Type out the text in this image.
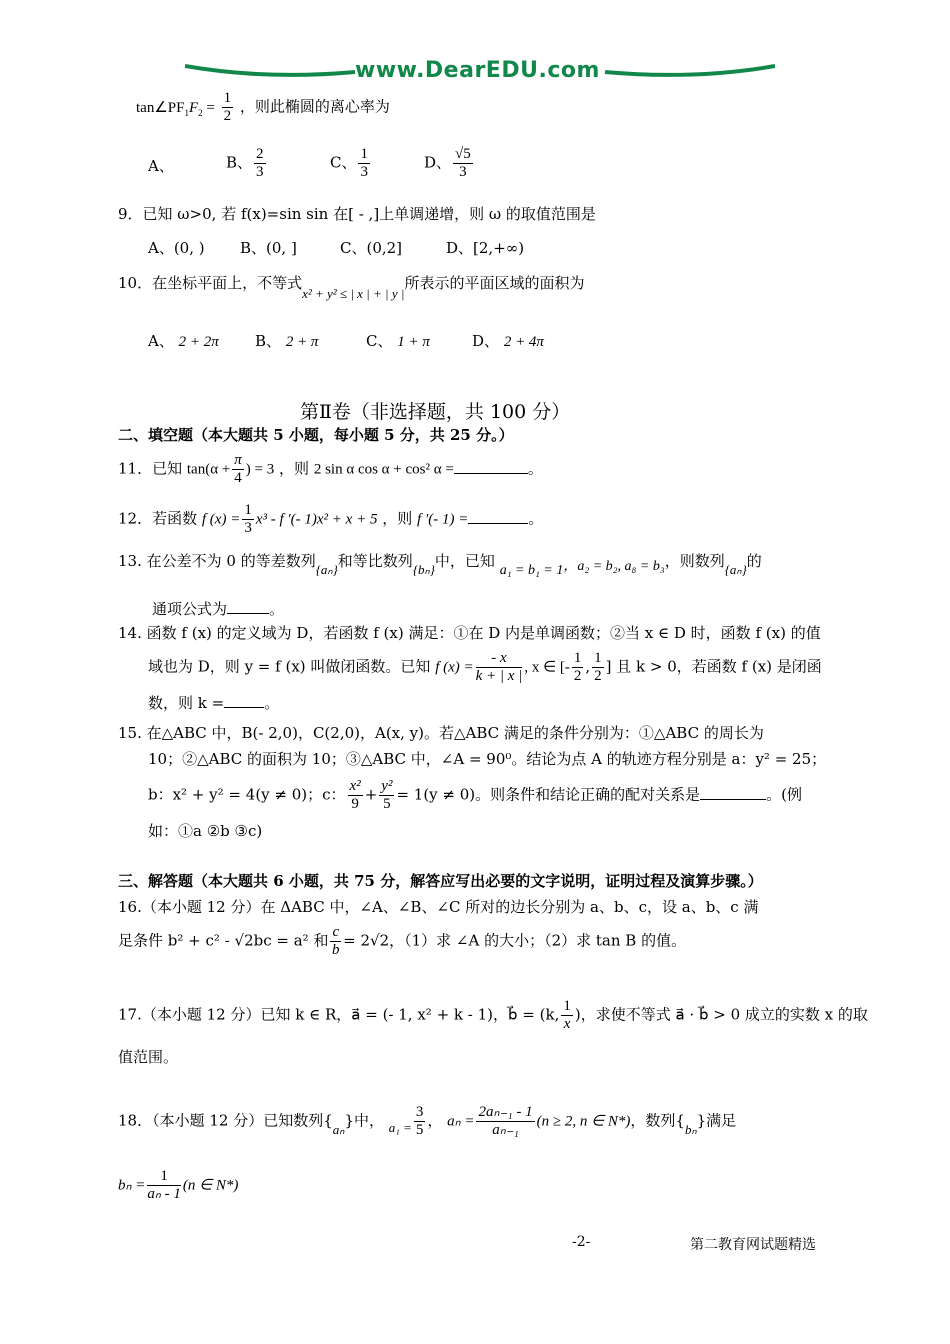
www.DearEDU.com
$\tan\angle PF_1F_2 = \frac{1}{2}$ ，则此椭圆的离心率为
A、	B、 $\frac{2}{3}$	C、 $\frac{1}{3}$	D、 $\frac{√5}{3}$
9．已知 ω>0, 若 f(x)=sin sin 在[ - ,]上单调递增，则 ω 的取值范围是
A、(0, ) B、(0, ]	C、(0,2]	D、[2,+∞)
10．在坐标平面上，不等式x² + y² ≤ | x | + | y |所表示的平面区域的面积为
A、 2 + 2π B、 2 + π	C、 1 + π	D、 2 + 4π
第Ⅱ卷（非选择题，共 100 分）
二、填空题（本大题共 5 小题，每小题 5 分，共 25 分。）
11．已知 $\tan(\alpha + \frac{\pi}{4}$ ) = 3 ，则 2 sin α cos α + cos² α =	。
12．若函数 f $(x) = \frac{1}{3} x^3 - f$ ′(- 1)x² + x + 5 ，则 f ′(- 1) =	。
13. 在公差不为 0 的等差数列{aₙ}和等比数列{bₙ}中，已知 a₁ = b₁ = 1，a₂ = b₂, a₈ = b₃，则数列{aₙ}的
通项公式为	。
14. 函数 f (x) 的定义域为 D，若函数 f (x) 满足：①在 D 内是单调函数；②当 x ∈ D 时，函数 f (x) 的值
域也为 D，则 y = f (x) 叫做闭函数。已知 f $(x) = \frac{- x}{k + | x |}$ , x ∈ [- $\frac{1}{2}$ , $\frac{1}{2}$ ] 且 k > 0，若函数 f (x) 是闭函
数，则 k =	。
15. 在△ABC 中，B(- 2,0)，C(2,0)，A(x, y)。若△ABC 满足的条件分别为：①△ABC 的周长为
10；②△ABC 的面积为 10；③△ABC 中，∠A = 90⁰。结论为点 A 的轨迹方程分别是 a：y² = 25；
b：x² + y² = 4(y ≠ 0)；c： $\frac{\text{x²}}{9} + \frac{\text{y²}}{5} = 1(y \ne 0)$。则条件和结论正确的配对关系是	。(例
如：①a ②b ③c)
三、解答题（本大题共 6 小题，共 75 分，解答应写出必要的文字说明，证明过程及演算步骤。）
16.（本小题 12 分）在 ΔABC 中，∠A、∠B、∠C 所对的边长分别为 a、b、c，设 a、b、c 满
足条件 b² + c² - √2bc = a² 和 $\frac{c}{b} = 2√2$，（1）求 ∠A 的大小；（2）求 tan B 的值。
17.（本小题 12 分）已知 k ∈ R，a⃗ = (- 1, x² + k - 1)，b⃗ = (k, $\frac{1}{x}$ )，求使不等式 a⃗ · b⃗ > 0 成立的实数 x 的取
值范围。
18．（本小题 12 分）已知数列{aₙ}中， $a_1 = \frac{3}{5}$ ， $a_n = \frac{\text{2aₙ₋₁ - 1}}{\text{aₙ₋₁}} (n \ge 2$, n ∈ N*)，数列{bₙ}满足
$b_n = \frac{1}{\text{aₙ - 1}} (n$ ∈ N*)
-2-	第二教育网试题精选
